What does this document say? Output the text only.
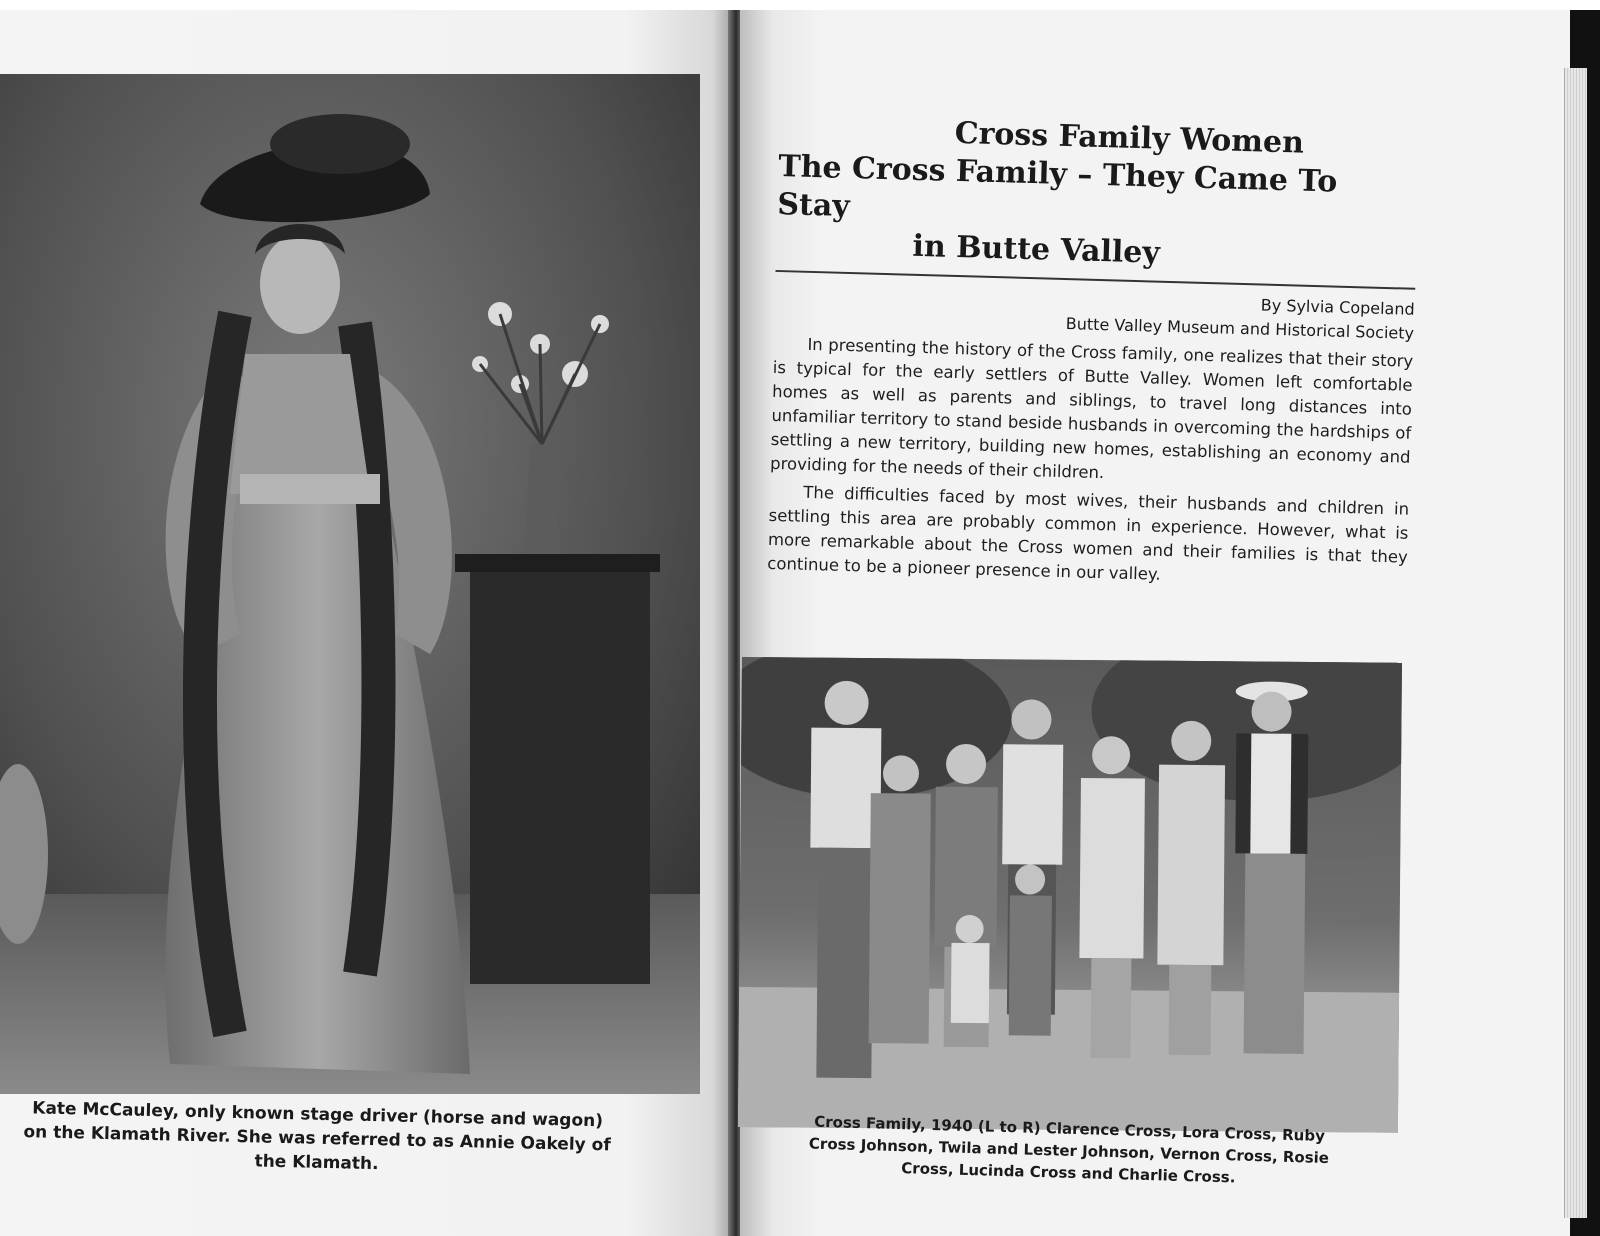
Kate McCauley, only known stage driver (horse and wagon) on the Klamath River. She was referred to as Annie Oakely of the Klamath.
Cross Family Women
The Cross Family – They Came To Stay
in Butte Valley
By Sylvia Copeland
Butte Valley Museum and Historical Society

In presenting the history of the Cross family, one realizes that their story is typical for the early settlers of Butte Valley. Women left comfortable homes as well as parents and siblings, to travel long distances into unfamiliar territory to stand beside husbands in overcoming the hardships of settling a new territory, building new homes, establishing an economy and providing for the needs of their children.

The difficulties faced by most wives, their husbands and children in settling this area are probably common in experience. However, what is more remarkable about the Cross women and their families is that they continue to be a pioneer presence in our valley.

Cross Family, 1940 (L to R) Clarence Cross, Lora Cross, Ruby Cross Johnson, Twila and Lester Johnson, Vernon Cross, Rosie Cross, Lucinda Cross and Charlie Cross.
